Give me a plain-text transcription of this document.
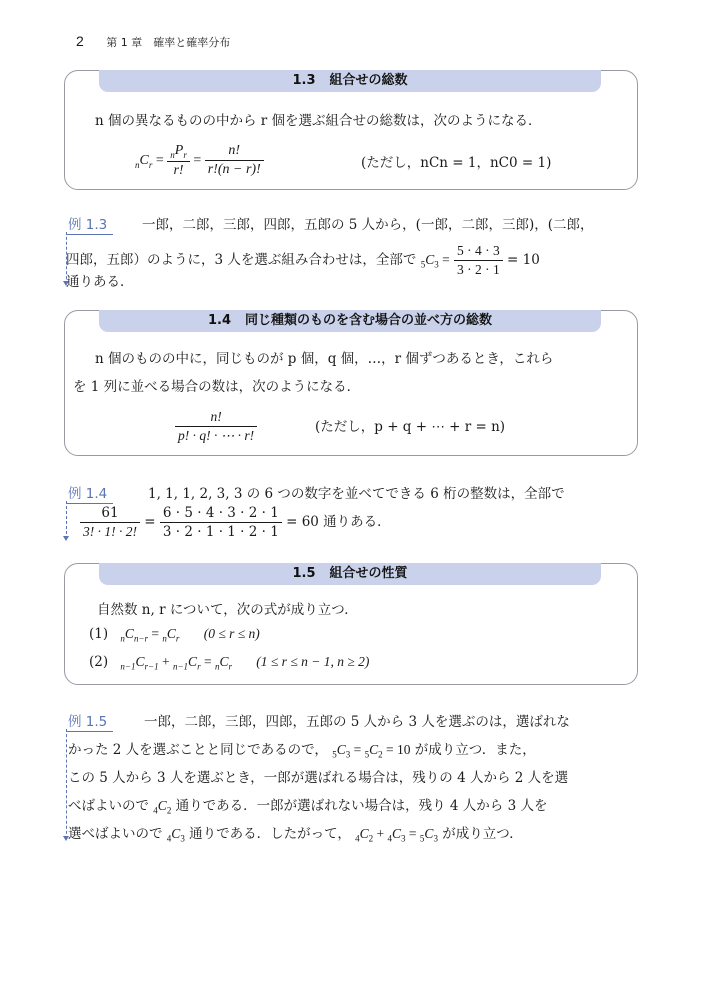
2 第 1 章　確率と確率分布
1.3 組合せの総数
n 個の異なるものの中から r 個を選ぶ組合せの総数は，次のようになる．
$_nC_r = \frac{_nP_r}{r!} = \frac{n!}{r!(n - r)!}$	(ただし，nCn = 1，nC0 = 1)
例 1.3	一郎，二郎，三郎，四郎，五郎の 5 人から，(一郎，二郎，三郎)，(二郎，
四郎，五郎）のように，3 人を選ぶ組み合わせは，全部で $_5C_3 = \frac{5 \cdot 4 \cdot 3}{3 \cdot 2 \cdot 1} = 10$
通りある．
1.4 同じ種類のものを含む場合の並べ方の総数
n 個のものの中に，同じものが p 個，q 個，…，r 個ずつあるとき，これら
を 1 列に並べる場合の数は，次のようになる．
$\frac{n!}{p! \cdot q! \cdot \cdots \cdot r!}$	(ただし，p + q + ⋯ + r = n)
例 1.4	1, 1, 1, 2, 3, 3 の 6 つの数字を並べてできる 6 桁の整数は，全部で
$\frac{61}{3! \cdot 1! \cdot 2!} = \frac{6 \cdot 5 \cdot 4 \cdot 3 \cdot 2 \cdot 1}{3 \cdot 2 \cdot 1 \cdot 1 \cdot 2 \cdot 1} = 60$ 通りある．
1.5 組合せの性質
自然数 n, r について，次の式が成り立つ．
(1) $_nC_{n-r} = _nC_r$ (0 ≤ r ≤ n)
(2) $_{n-1}C_{r-1} + _{n-1}C_r = _nC_r$ (1 ≤ r ≤ n − 1, n ≥ 2)
例 1.5	一郎，二郎，三郎，四郎，五郎の 5 人から 3 人を選ぶのは，選ばれな
かった 2 人を選ぶことと同じであるので， $_5C_3 = _5C_2 = 10$ が成り立つ．また，
この 5 人から 3 人を選ぶとき，一郎が選ばれる場合は，残りの 4 人から 2 人を選
べばよいので $_4C_2$ 通りである．一郎が選ばれない場合は，残り 4 人から 3 人を
選べばよいので $_4C_3$ 通りである．したがって， $_4C_2 + _4C_3 = _5C_3$ が成り立つ．
